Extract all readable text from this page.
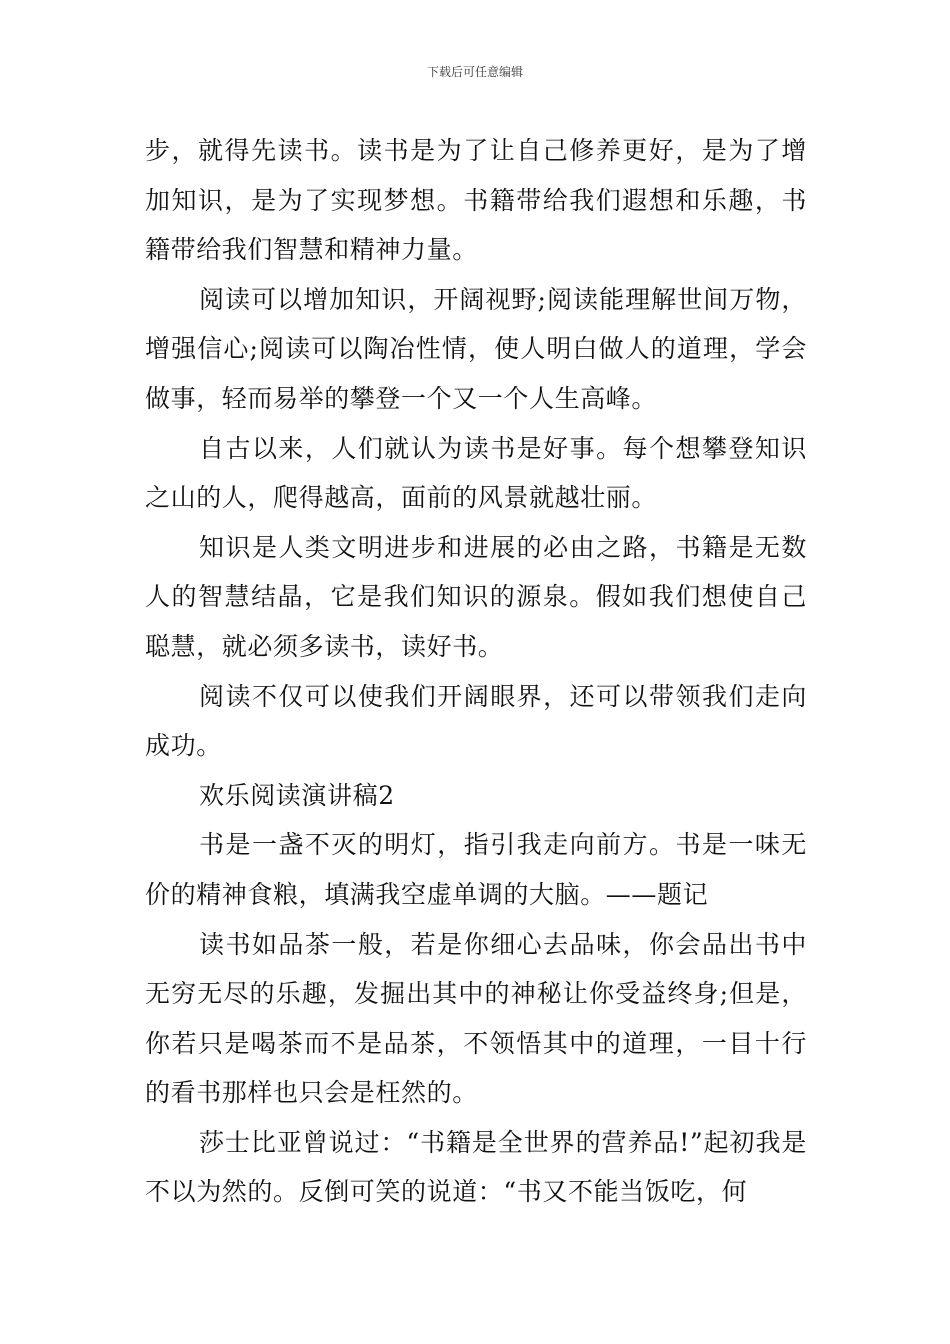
下载后可任意编辑

步，就得先读书。读书是为了让自己修养更好，是为了增加知识，是为了实现梦想。书籍带给我们遐想和乐趣，书籍带给我们智慧和精神力量。

阅读可以增加知识，开阔视野;阅读能理解世间万物，增强信心;阅读可以陶冶性情，使人明白做人的道理，学会做事，轻而易举的攀登一个又一个人生高峰。

自古以来，人们就认为读书是好事。每个想攀登知识之山的人，爬得越高，面前的风景就越壮丽。

知识是人类文明进步和进展的必由之路，书籍是无数人的智慧结晶，它是我们知识的源泉。假如我们想使自己聪慧，就必须多读书，读好书。

阅读不仅可以使我们开阔眼界，还可以带领我们走向成功。

欢乐阅读演讲稿2

书是一盏不灭的明灯，指引我走向前方。书是一味无价的精神食粮，填满我空虚单调的大脑。——题记

读书如品茶一般，若是你细心去品味，你会品出书中无穷无尽的乐趣，发掘出其中的神秘让你受益终身;但是，你若只是喝茶而不是品茶，不领悟其中的道理，一目十行的看书那样也只会是枉然的。

莎士比亚曾说过：“书籍是全世界的营养品!”起初我是不以为然的。反倒可笑的说道：“书又不能当饭吃，何
